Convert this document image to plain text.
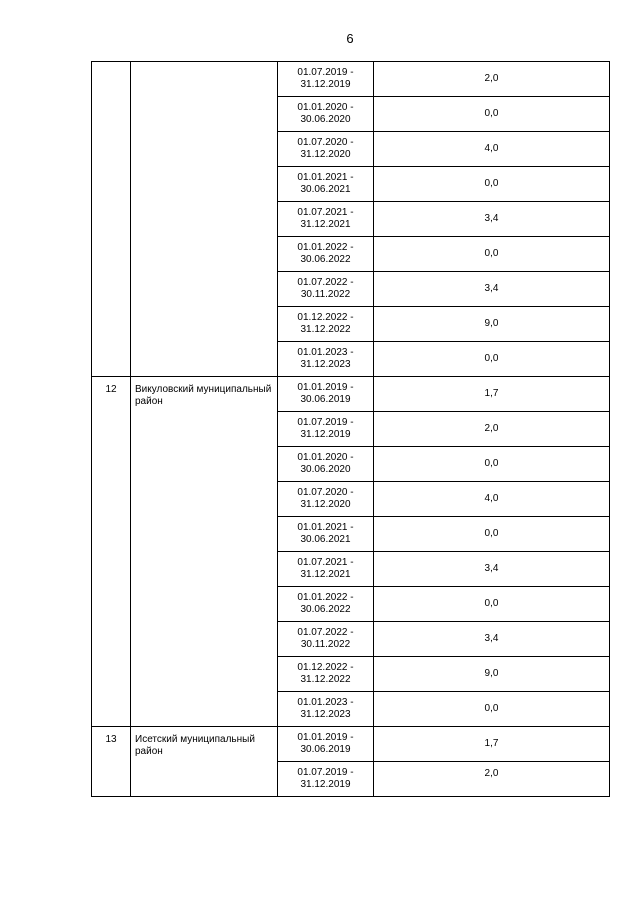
6

		01.07.2019 -
31.12.2019	2,0

		01.01.2020 -
30.06.2020	0,0

		01.07.2020 -
31.12.2020	4,0

		01.01.2021 -
30.06.2021	0,0

		01.07.2021 -
31.12.2021	3,4

		01.01.2022 -
30.06.2022	0,0

		01.07.2022 -
30.11.2022	3,4

		01.12.2022 -
31.12.2022	9,0

		01.01.2023 -
31.12.2023	0,0
12	Викуловский муниципальный район	01.01.2019 -
30.06.2019	1,7

		01.07.2019 -
31.12.2019	2,0

		01.01.2020 -
30.06.2020	0,0

		01.07.2020 -
31.12.2020	4,0

		01.01.2021 -
30.06.2021	0,0

		01.07.2021 -
31.12.2021	3,4

		01.01.2022 -
30.06.2022	0,0

		01.07.2022 -
30.11.2022	3,4

		01.12.2022 -
31.12.2022	9,0

		01.01.2023 -
31.12.2023	0,0
13	Исетский муниципальный район	01.01.2019 -
30.06.2019	1,7

		01.07.2019 -
31.12.2019	2,0
